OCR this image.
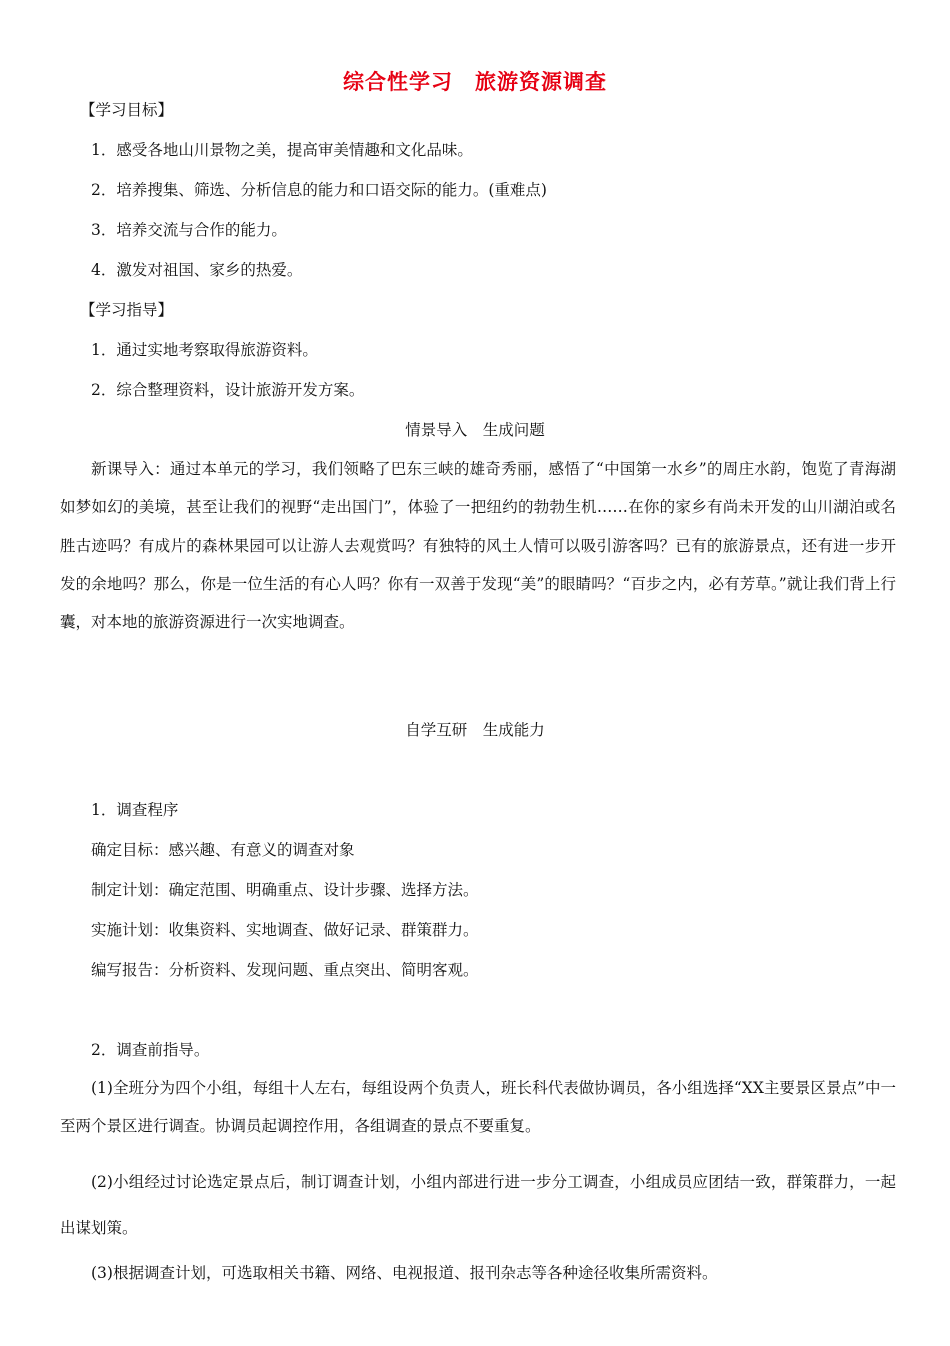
综合性学习　旅游资源调查
【学习目标】
1．感受各地山川景物之美，提高审美情趣和文化品味。
2．培养搜集、筛选、分析信息的能力和口语交际的能力。(重难点)
3．培养交流与合作的能力。
4．激发对祖国、家乡的热爱。
【学习指导】
1．通过实地考察取得旅游资料。
2．综合整理资料，设计旅游开发方案。
情景导入　生成问题
新课导入：通过本单元的学习，我们领略了巴东三峡的雄奇秀丽，感悟了“中国第一水乡”的周庄水韵，饱览了青海湖如梦如幻的美境，甚至让我们的视野“走出国门”，体验了一把纽约的勃勃生机……在你的家乡有尚未开发的山川湖泊或名胜古迹吗？有成片的森林果园可以让游人去观赏吗？有独特的风土人情可以吸引游客吗？已有的旅游景点，还有进一步开发的余地吗？那么，你是一位生活的有心人吗？你有一双善于发现“美”的眼睛吗？“百步之内，必有芳草。”就让我们背上行囊，对本地的旅游资源进行一次实地调查。
自学互研　生成能力
1．调查程序
确定目标：感兴趣、有意义的调查对象
制定计划：确定范围、明确重点、设计步骤、选择方法。
实施计划：收集资料、实地调查、做好记录、群策群力。
编写报告：分析资料、发现问题、重点突出、简明客观。
2．调查前指导。
(1)全班分为四个小组，每组十人左右，每组设两个负责人，班长科代表做协调员，各小组选择“XX主要景区景点”中一至两个景区进行调查。协调员起调控作用，各组调查的景点不要重复。
(2)小组经过讨论选定景点后，制订调查计划，小组内部进行进一步分工调查，小组成员应团结一致，群策群力，一起出谋划策。
(3)根据调查计划，可选取相关书籍、网络、电视报道、报刊杂志等各种途径收集所需资料。
